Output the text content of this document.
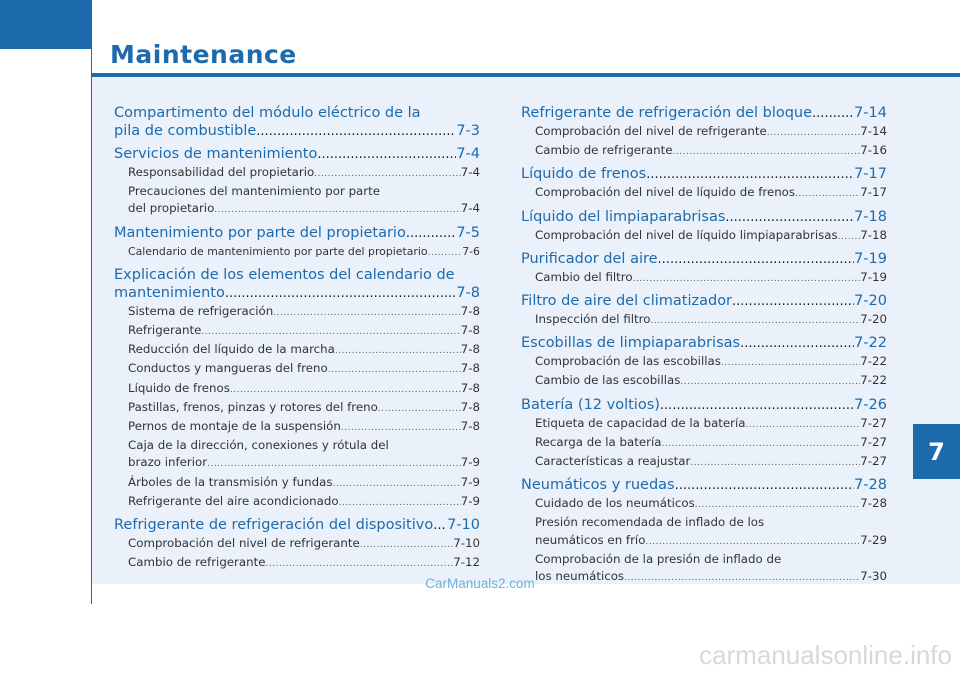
Maintenance
Compartimento del módulo eléctrico de la
pila de combustible .....	7-3
Servicios de mantenimiento .....	7-4
Responsabilidad del propietario .....	7-4
Precauciones del mantenimiento por parte
del propietario .....	7-4
Mantenimiento por parte del propietario .....	7-5
Calendario de mantenimiento por parte del propietario .....	7-6
Explicación de los elementos del calendario de
mantenimiento .....	7-8
Sistema de refrigeración .....	7-8
Refrigerante .....	7-8
Reducción del líquido de la marcha .....	7-8
Conductos y mangueras del freno .....	7-8
Líquido de frenos .....	7-8
Pastillas, frenos, pinzas y rotores del freno .....	7-8
Pernos de montaje de la suspensión .....	7-8
Caja de la dirección, conexiones y rótula del
brazo inferior .....	7-9
Árboles de la transmisión y fundas .....	7-9
Refrigerante del aire acondicionado .....	7-9
Refrigerante de refrigeración del dispositivo ..... 7-10
Comprobación del nivel de refrigerante .....	7-10
Cambio de refrigerante .....	7-12
Refrigerante de refrigeración del bloque .....	7-14
Comprobación del nivel de refrigerante .....	7-14
Cambio de refrigerante .....	7-16
Líquido de frenos .....	7-17
Comprobación del nivel de líquido de frenos .....	7-17
Líquido del limpiaparabrisas .....	7-18
Comprobación del nivel de líquido limpiaparabrisas ..... 7-18
Purificador del aire .....	7-19
Cambio del filtro .....	7-19
Filtro de aire del climatizador .....	7-20
Inspección del filtro .....	7-20
Escobillas de limpiaparabrisas .....	7-22
Comprobación de las escobillas .....	7-22
Cambio de las escobillas .....	7-22
Batería (12 voltios) .....	7-26
Etiqueta de capacidad de la batería .....	7-27
Recarga de la batería .....	7-27
Características a reajustar .....	7-27
Neumáticos y ruedas .....	7-28
Cuidado de los neumáticos .....	7-28
Presión recomendada de inflado de los
neumáticos en frío .....	7-29
Comprobación de la presión de inflado de
los neumáticos .....	7-30
7
CarManuals2.com
carmanualsonline.info
